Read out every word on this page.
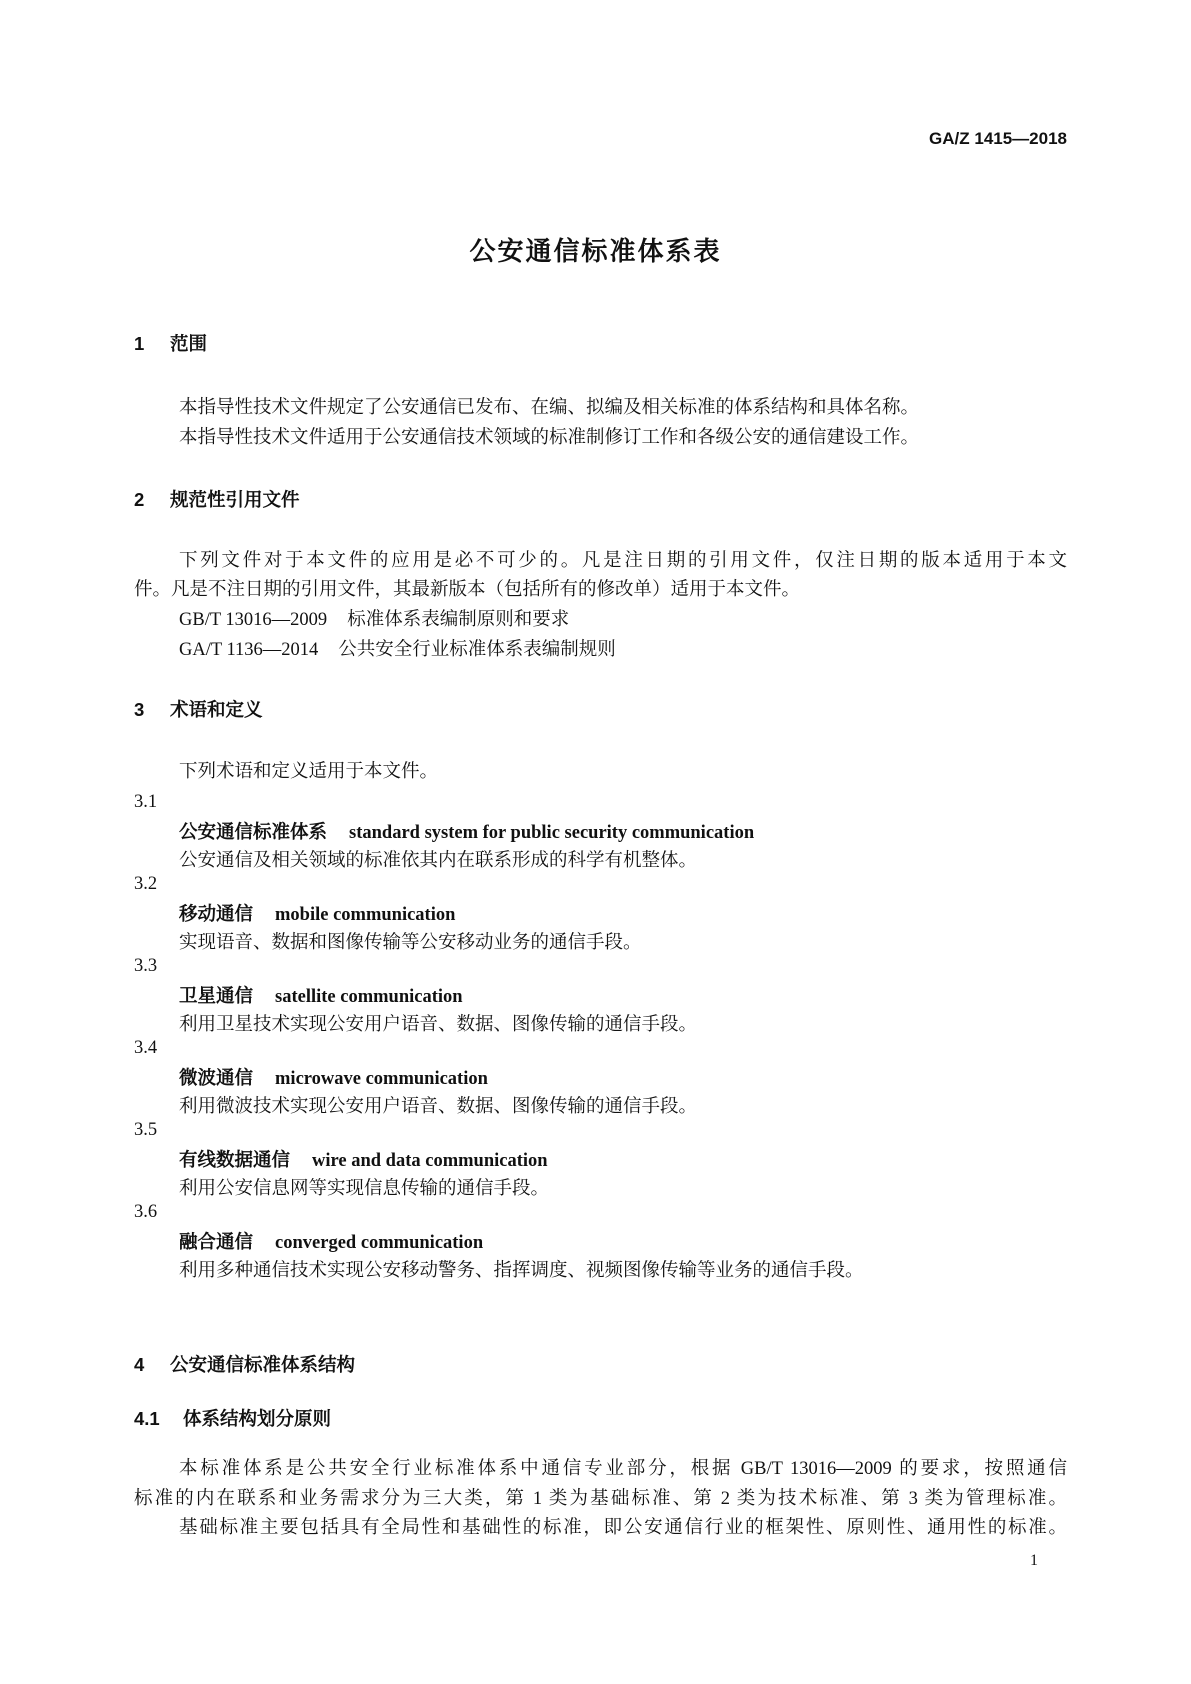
GA/Z 1415—2018
公安通信标准体系表
1 范围
本指导性技术文件规定了公安通信已发布、在编、拟编及相关标准的体系结构和具体名称。
本指导性技术文件适用于公安通信技术领域的标准制修订工作和各级公安的通信建设工作。
2 规范性引用文件
下列文件对于本文件的应用是必不可少的。凡是注日期的引用文件，仅注日期的版本适用于本文
件。凡是不注日期的引用文件，其最新版本（包括所有的修改单）适用于本文件。
GB/T 13016—2009 标准体系表编制原则和要求
GA/T 1136—2014 公共安全行业标准体系表编制规则
3 术语和定义
下列术语和定义适用于本文件。
3.1
公安通信标准体系 standard system for public security communication
公安通信及相关领域的标准依其内在联系形成的科学有机整体。
3.2
移动通信 mobile communication
实现语音、数据和图像传输等公安移动业务的通信手段。
3.3
卫星通信 satellite communication
利用卫星技术实现公安用户语音、数据、图像传输的通信手段。
3.4
微波通信 microwave communication
利用微波技术实现公安用户语音、数据、图像传输的通信手段。
3.5
有线数据通信 wire and data communication
利用公安信息网等实现信息传输的通信手段。
3.6
融合通信 converged communication
利用多种通信技术实现公安移动警务、指挥调度、视频图像传输等业务的通信手段。
4 公安通信标准体系结构
4.1 体系结构划分原则
本标准体系是公共安全行业标准体系中通信专业部分，根据 GB/T 13016—2009 的要求，按照通信
标准的内在联系和业务需求分为三大类，第 1 类为基础标准、第 2 类为技术标准、第 3 类为管理标准。
基础标准主要包括具有全局性和基础性的标准，即公安通信行业的框架性、原则性、通用性的标准。
1
